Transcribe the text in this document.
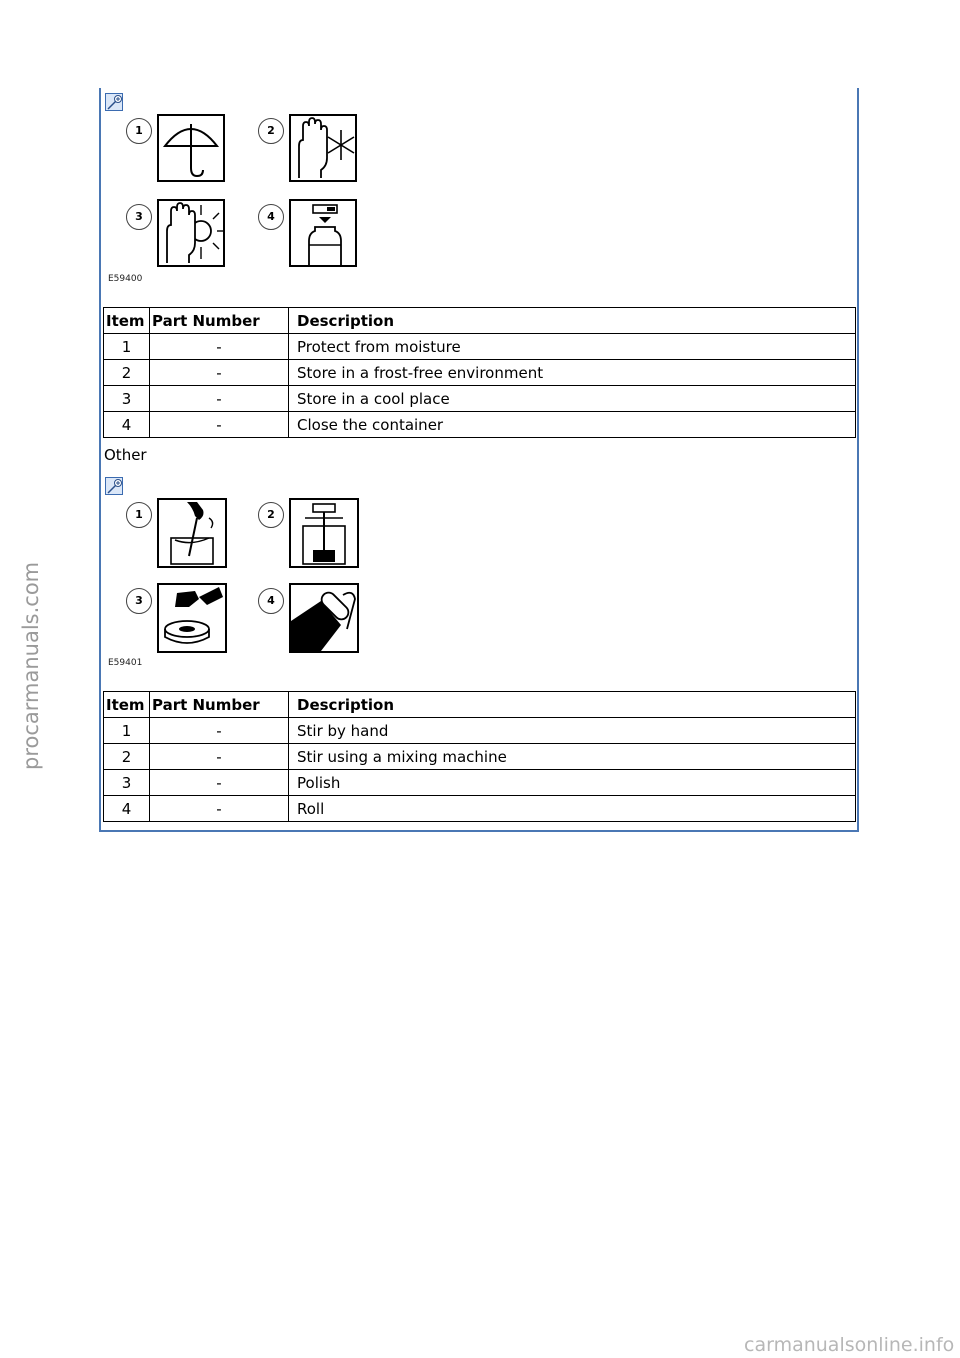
1	2
3	4
E59400
Item	Part Number	Description
1	-	Protect from moisture
2	-	Store in a frost-free environment
3	-	Store in a cool place
4	-	Close the container
Other
1	2
3	4
E59401
Item	Part Number	Description
1	-	Stir by hand
2	-	Stir using a mixing machine
3	-	Polish
4	-	Roll
procarmanuals.com
carmanualsonline.info
